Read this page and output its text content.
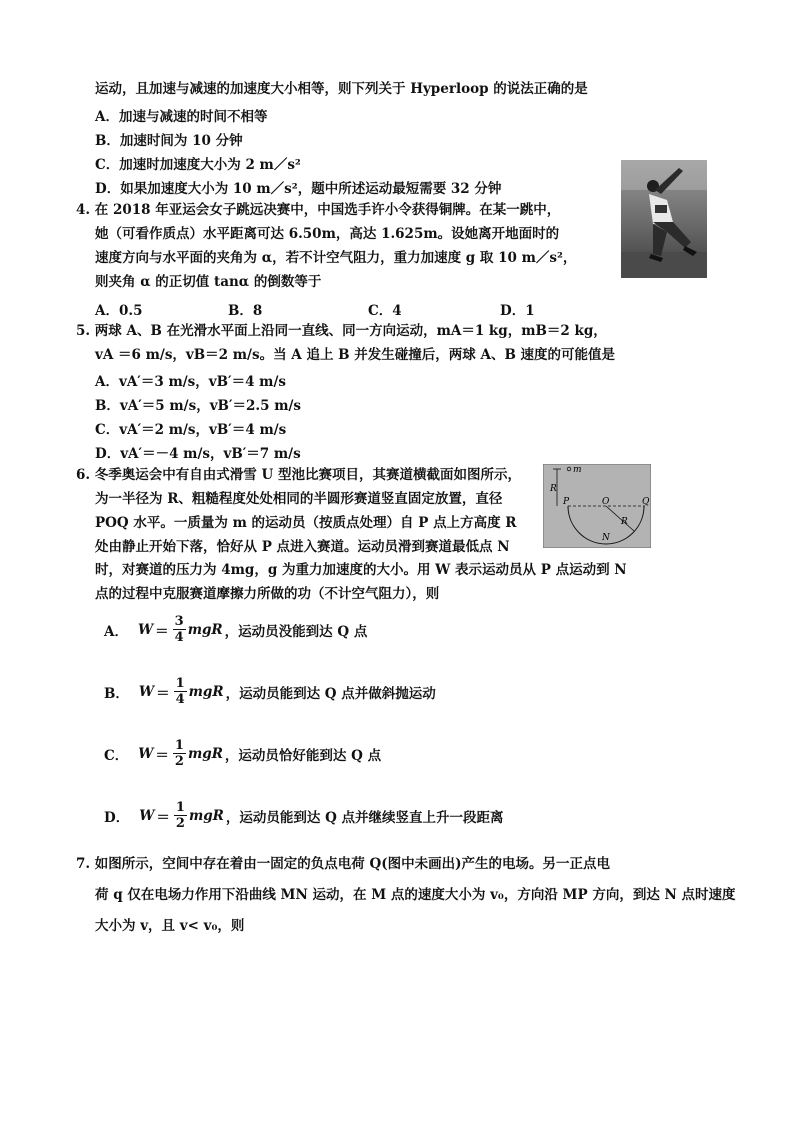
运动，且加速与减速的加速度大小相等，则下列关于 Hyperloop 的说法正确的是
A．加速与减速的时间不相等
B．加速时间为 10 分钟
C．加速时加速度大小为 2 m／s²
D．如果加速度大小为 10 m／s²，题中所述运动最短需要 32 分钟
4. 在 2018 年亚运会女子跳远决赛中，中国选手许小令获得铜牌。在某一跳中，
她（可看作质点）水平距离可达 6.50m，高达 1.625m。设她离开地面时的
速度方向与水平面的夹角为 α，若不计空气阻力，重力加速度 g 取 10 m／s²，
则夹角 α 的正切值 tanα 的倒数等于
A．0.5	B．8	C．4	D．1
5. 两球 A、B 在光滑水平面上沿同一直线、同一方向运动，mA＝1 kg，mB＝2 kg，
vA ＝6 m/s，vB＝2 m/s。当 A 追上 B 并发生碰撞后，两球 A、B 速度的可能值是
A．vA′＝3 m/s，vB′＝4 m/s
B．vA′＝5 m/s，vB′＝2.5 m/s
C．vA′＝2 m/s，vB′＝4 m/s
D．vA′＝－4 m/s，vB′＝7 m/s
6. 冬季奥运会中有自由式滑雪 U 型池比赛项目，其赛道横截面如图所示，
为一半径为 R、粗糙程度处处相同的半圆形赛道竖直固定放置，直径
POQ 水平。一质量为 m 的运动员（按质点处理）自 P 点上方高度 R
处由静止开始下落，恰好从 P 点进入赛道。运动员滑到赛道最低点 N
时，对赛道的压力为 4mg，g 为重力加速度的大小。用 W 表示运动员从 P 点运动到 N
点的过程中克服赛道摩擦力所做的功（不计空气阻力），则
m
R
P	O	Q
R
N
A． $W = \frac{3}{4}$ mgR ，运动员没能到达 Q 点
B． $W = \frac{1}{4}$ mgR ，运动员能到达 Q 点并做斜抛运动
C． $W = \frac{1}{2}$ mgR ，运动员恰好能到达 Q 点
D． $W = \frac{1}{2}$ mgR ，运动员能到达 Q 点并继续竖直上升一段距离
7. 如图所示，空间中存在着由一固定的负点电荷 Q(图中未画出)产生的电场。另一正点电
荷 q 仅在电场力作用下沿曲线 MN 运动，在 M 点的速度大小为 v₀，方向沿 MP 方向，到达 N 点时速度
大小为 v，且 v< v₀，则
